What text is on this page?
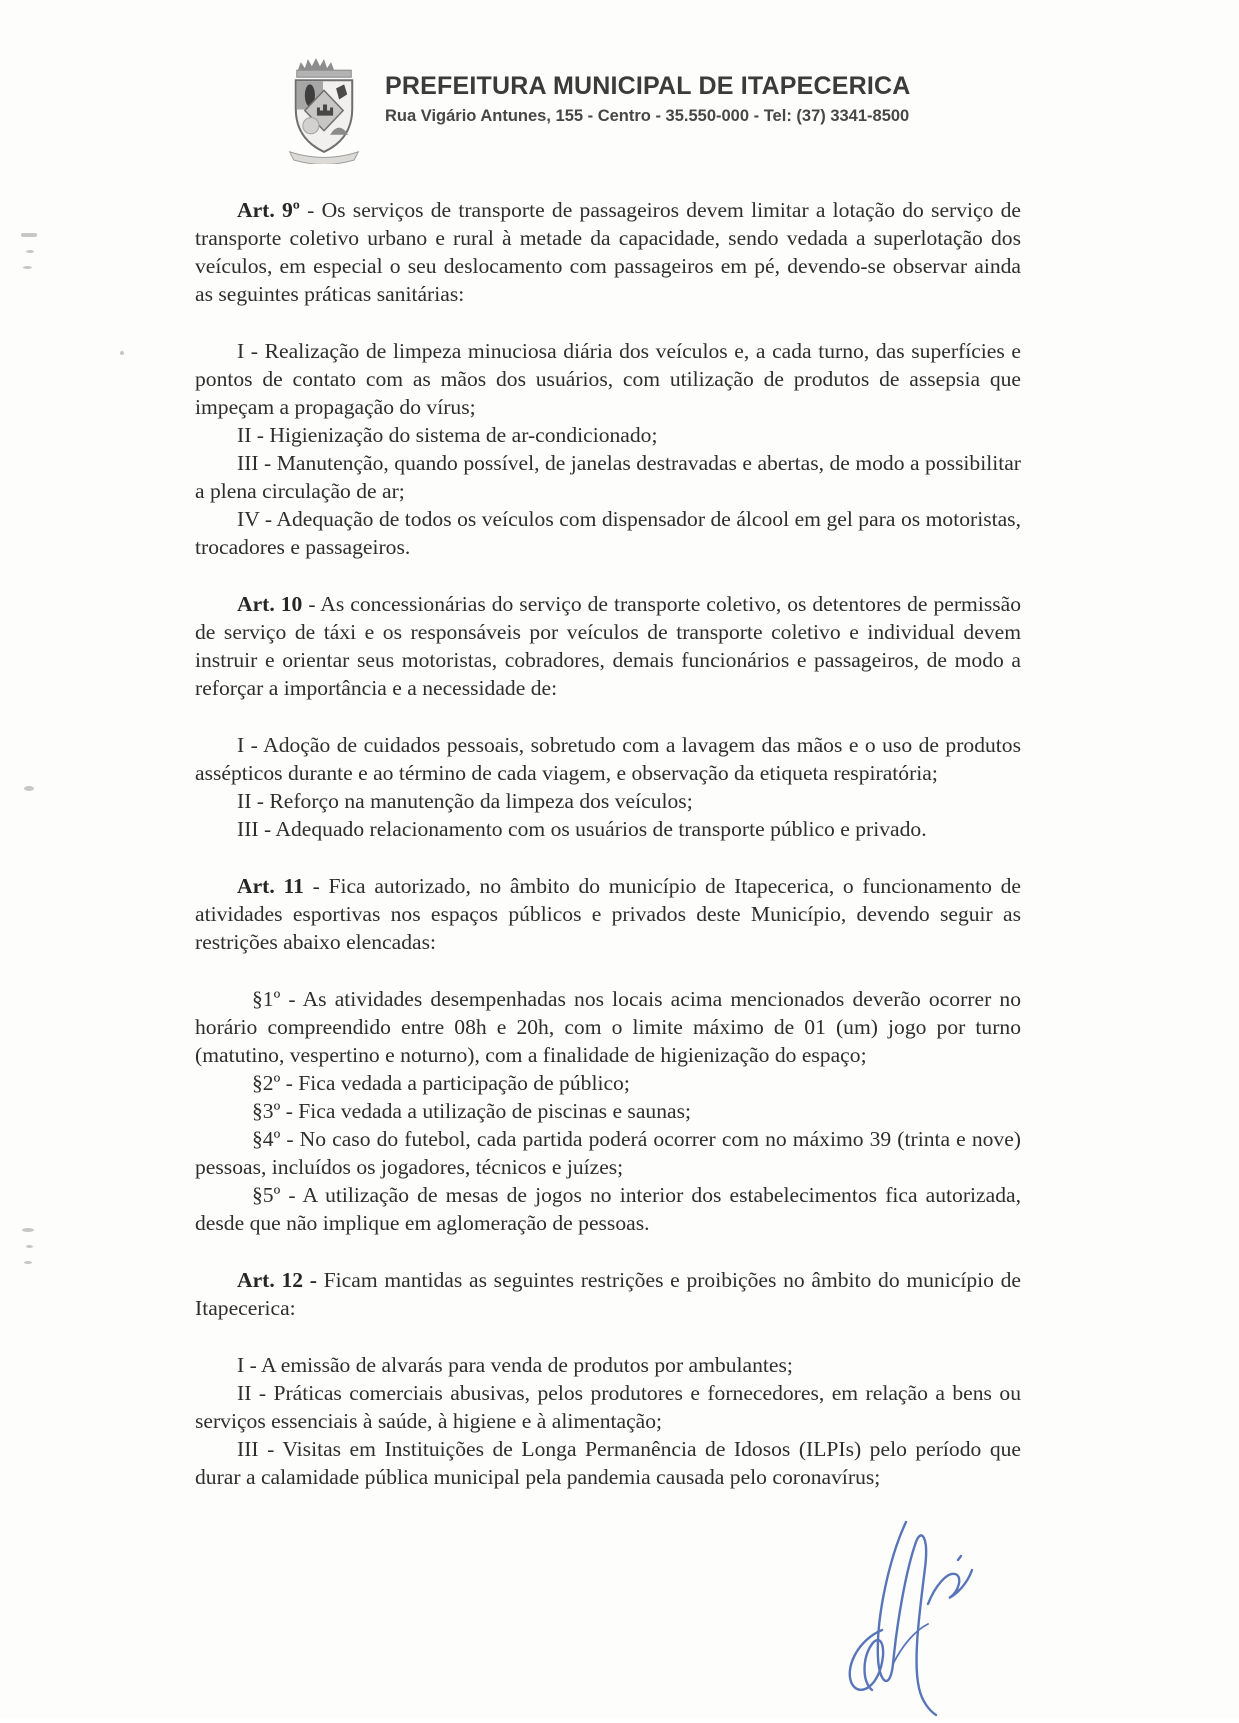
PREFEITURA MUNICIPAL DE ITAPECERICA
Rua Vigário Antunes, 155 - Centro - 35.550-000 - Tel: (37) 3341-8500

Art. 9º - Os serviços de transporte de passageiros devem limitar a lotação do serviço de transporte coletivo urbano e rural à metade da capacidade, sendo vedada a superlotação dos veículos, em especial o seu deslocamento com passageiros em pé, devendo-se observar ainda as seguintes práticas sanitárias:

I - Realização de limpeza minuciosa diária dos veículos e, a cada turno, das superfícies e pontos de contato com as mãos dos usuários, com utilização de produtos de assepsia que impeçam a propagação do vírus;

II - Higienização do sistema de ar-condicionado;

III - Manutenção, quando possível, de janelas destravadas e abertas, de modo a possibilitar a plena circulação de ar;

IV - Adequação de todos os veículos com dispensador de álcool em gel para os motoristas, trocadores e passageiros.

Art. 10 - As concessionárias do serviço de transporte coletivo, os detentores de permissão de serviço de táxi e os responsáveis por veículos de transporte coletivo e individual devem instruir e orientar seus motoristas, cobradores, demais funcionários e passageiros, de modo a reforçar a importância e a necessidade de:

I - Adoção de cuidados pessoais, sobretudo com a lavagem das mãos e o uso de produtos assépticos durante e ao término de cada viagem, e observação da etiqueta respiratória;

II - Reforço na manutenção da limpeza dos veículos;

III - Adequado relacionamento com os usuários de transporte público e privado.

Art. 11 - Fica autorizado, no âmbito do município de Itapecerica, o funcionamento de atividades esportivas nos espaços públicos e privados deste Município, devendo seguir as restrições abaixo elencadas:

§1º - As atividades desempenhadas nos locais acima mencionados deverão ocorrer no horário compreendido entre 08h e 20h, com o limite máximo de 01 (um) jogo por turno (matutino, vespertino e noturno), com a finalidade de higienização do espaço;

§2º - Fica vedada a participação de público;

§3º - Fica vedada a utilização de piscinas e saunas;

§4º - No caso do futebol, cada partida poderá ocorrer com no máximo 39 (trinta e nove) pessoas, incluídos os jogadores, técnicos e juízes;

§5º - A utilização de mesas de jogos no interior dos estabelecimentos fica autorizada, desde que não implique em aglomeração de pessoas.

Art. 12 - Ficam mantidas as seguintes restrições e proibições no âmbito do município de Itapecerica:

I - A emissão de alvarás para venda de produtos por ambulantes;

II - Práticas comerciais abusivas, pelos produtores e fornecedores, em relação a bens ou serviços essenciais à saúde, à higiene e à alimentação;

III - Visitas em Instituições de Longa Permanência de Idosos (ILPIs) pelo período que durar a calamidade pública municipal pela pandemia causada pelo coronavírus;
